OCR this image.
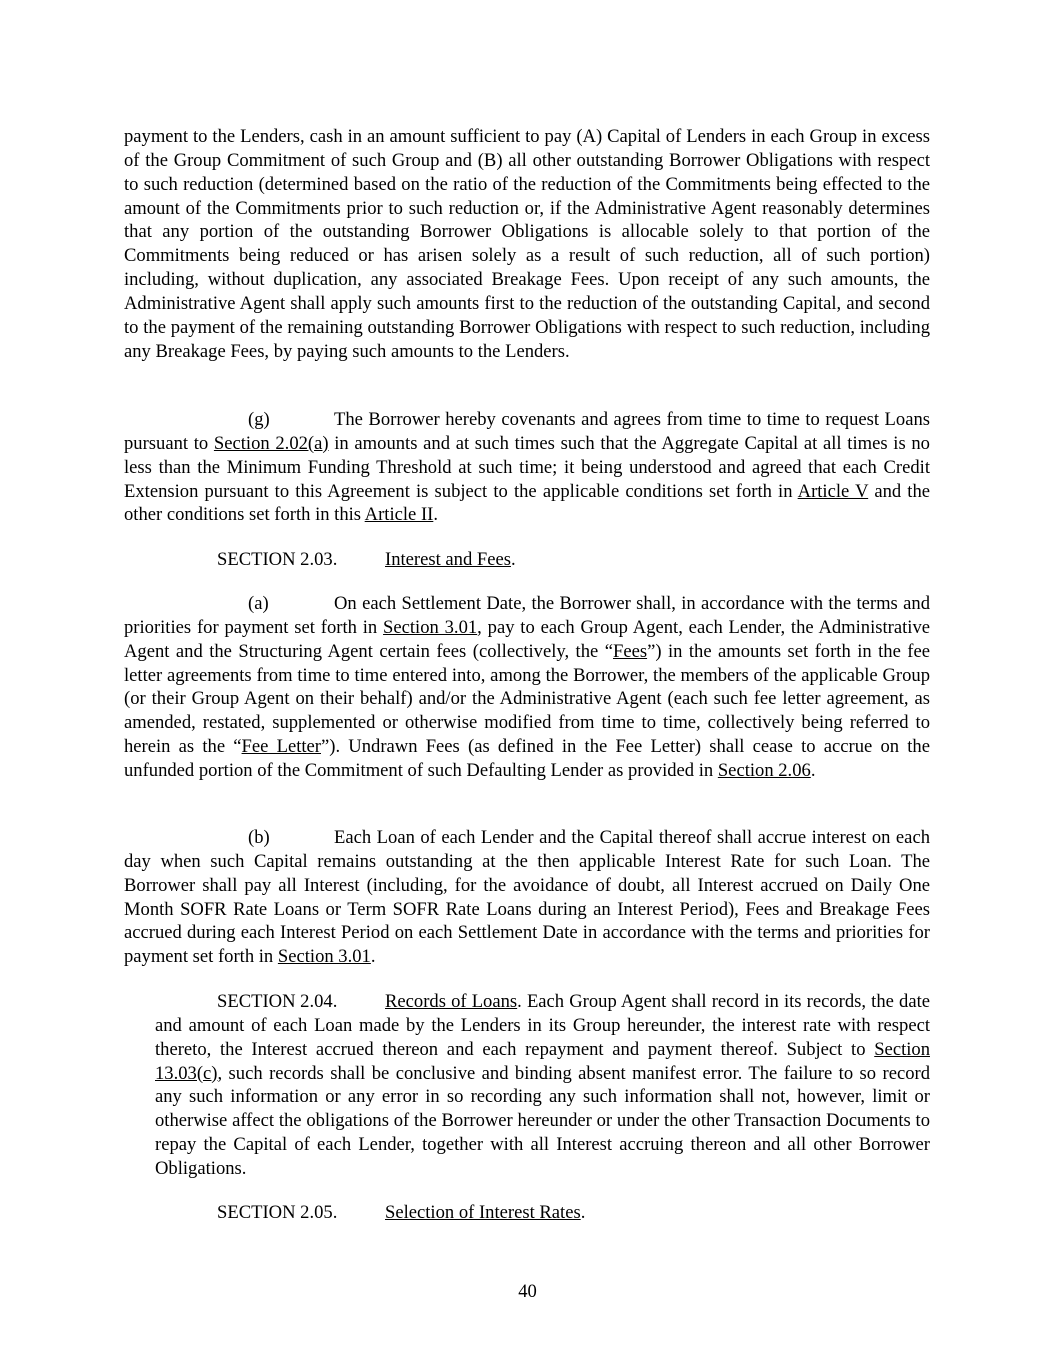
payment to the Lenders, cash in an amount sufficient to pay (A) Capital of Lenders in each Group in excess of the Group Commitment of such Group and (B) all other outstanding Borrower Obligations with respect to such reduction (determined based on the ratio of the reduction of the Commitments being effected to the amount of the Commitments prior to such reduction or, if the Administrative Agent reasonably determines that any portion of the outstanding Borrower Obligations is allocable solely to that portion of the Commitments being reduced or has arisen solely as a result of such reduction, all of such portion) including, without duplication, any associated Breakage Fees. Upon receipt of any such amounts, the Administrative Agent shall apply such amounts first to the reduction of the outstanding Capital, and second to the payment of the remaining outstanding Borrower Obligations with respect to such reduction, including any Breakage Fees, by paying such amounts to the Lenders.

(g)	The Borrower hereby covenants and agrees from time to time to request Loans pursuant to Section 2.02(a) in amounts and at such times such that the Aggregate Capital at all times is no less than the Minimum Funding Threshold at such time; it being understood and agreed that each Credit Extension pursuant to this Agreement is subject to the applicable conditions set forth in Article V and the other conditions set forth in this Article II.

SECTION 2.03.	Interest and Fees.

(a)	On each Settlement Date, the Borrower shall, in accordance with the terms and priorities for payment set forth in Section 3.01, pay to each Group Agent, each Lender, the Administrative Agent and the Structuring Agent certain fees (collectively, the “Fees”) in the amounts set forth in the fee letter agreements from time to time entered into, among the Borrower, the members of the applicable Group (or their Group Agent on their behalf) and/or the Administrative Agent (each such fee letter agreement, as amended, restated, supplemented or otherwise modified from time to time, collectively being referred to herein as the “Fee Letter”). Undrawn Fees (as defined in the Fee Letter) shall cease to accrue on the unfunded portion of the Commitment of such Defaulting Lender as provided in Section 2.06.

(b)	Each Loan of each Lender and the Capital thereof shall accrue interest on each day when such Capital remains outstanding at the then applicable Interest Rate for such Loan. The Borrower shall pay all Interest (including, for the avoidance of doubt, all Interest accrued on Daily One Month SOFR Rate Loans or Term SOFR Rate Loans during an Interest Period), Fees and Breakage Fees accrued during each Interest Period on each Settlement Date in accordance with the terms and priorities for payment set forth in Section 3.01.

SECTION 2.04.	Records of Loans. Each Group Agent shall record in its records, the date and amount of each Loan made by the Lenders in its Group hereunder, the interest rate with respect thereto, the Interest accrued thereon and each repayment and payment thereof. Subject to Section 13.03(c), such records shall be conclusive and binding absent manifest error. The failure to so record any such information or any error in so recording any such information shall not, however, limit or otherwise affect the obligations of the Borrower hereunder or under the other Transaction Documents to repay the Capital of each Lender, together with all Interest accruing thereon and all other Borrower Obligations.

SECTION 2.05.	Selection of Interest Rates.

40
